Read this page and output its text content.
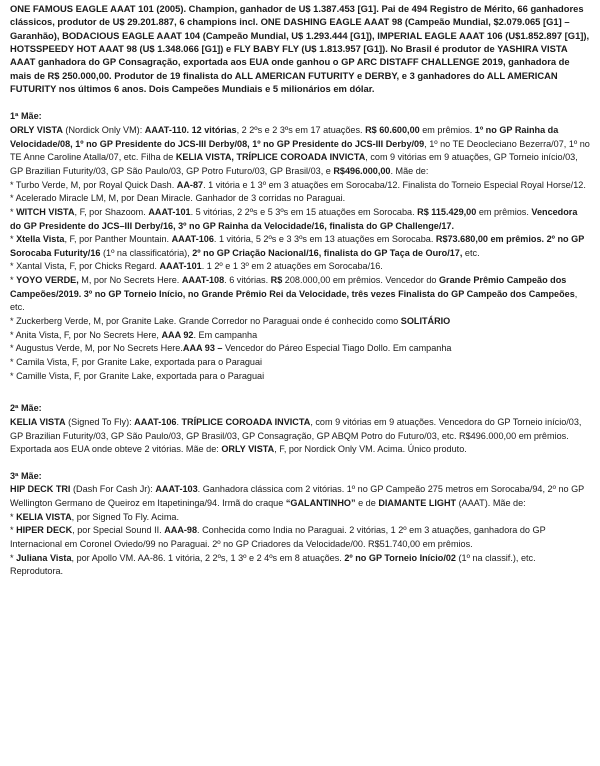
ONE FAMOUS EAGLE AAAT 101 (2005). Champion, ganhador de U$ 1.387.453 [G1]. Pai de 494 Registro de Mérito, 66 ganhadores clássicos, produtor de U$ 29.201.887, 6 champions incl. ONE DASHING EAGLE AAAT 98 (Campeão Mundial, $2.079.065 [G1] – Garanhão), BODACIOUS EAGLE AAAT 104 (Campeão Mundial, U$ 1.293.444 [G1]), IMPERIAL EAGLE AAAT 106 (U$1.852.897 [G1]), HOTSSPEEDY HOT AAAT 98 (U$ 1.348.066 [G1]) e FLY BABY FLY (U$ 1.813.957 [G1]). No Brasil é produtor de YASHIRA VISTA AAAT ganhadora do GP Consagração, exportada aos EUA onde ganhou o GP ARC DISTAFF CHALLENGE 2019, ganhadora de mais de R$ 250.000,00. Produtor de 19 finalista do ALL AMERICAN FUTURITY e DERBY, e 3 ganhadores do ALL AMERICAN FUTURITY nos últimos 6 anos. Dois Campeões Mundiais e 5 milionários em dólar.

1ª Mãe:

ORLY VISTA (Nordick Only VM): AAAT-110. 12 vitórias, 2 2ºs e 2 3ºs em 17 atuações. R$ 60.600,00 em prêmios. 1º no GP Rainha da Velocidade/08, 1º no GP Presidente do JCS-III Derby/08, 1º no GP Presidente do JCS-III Derby/09, 1º no TE Deocleciano Bezerra/07, 1º no TE Anne Caroline Atalla/07, etc. Filha de KELIA VISTA, TRÍPLICE COROADA INVICTA, com 9 vitórias em 9 atuações, GP Torneio início/03, GP Brazilian Futurity/03, GP São Paulo/03, GP Potro Futuro/03, GP Brasil/03, e R$496.000,00. Mãe de:

* Turbo Verde, M, por Royal Quick Dash. AA-87. 1 vitória e 1 3º em 3 atuações em Sorocaba/12. Finalista do Torneio Especial Royal Horse/12.

* Acelerado Miracle LM, M, por Dean Miracle. Ganhador de 3 corridas no Paraguai.

* WITCH VISTA, F, por Shazoom. AAAT-101. 5 vitórias, 2 2ºs e 5 3ºs em 15 atuações em Sorocaba. R$ 115.429,00 em prêmios. Vencedora do GP Presidente do JCS–III Derby/16, 3º no GP Rainha da Velocidade/16, finalista do GP Challenge/17.

* Xtella Vista, F, por Panther Mountain. AAAT-106. 1 vitória, 5 2ºs e 3 3ºs em 13 atuações em Sorocaba. R$73.680,00 em prêmios. 2º no GP Sorocaba Futurity/16 (1º na classificatória), 2º no GP Criação Nacional/16, finalista do GP Taça de Ouro/17, etc.

* Xantal Vista, F, por Chicks Regard. AAAT-101. 1 2º e 1 3º em 2 atuações em Sorocaba/16.

* YOYO VERDE, M, por No Secrets Here. AAAT-108. 6 vitórias. R$ 208.000,00 em prêmios. Vencedor do Grande Prêmio Campeão dos Campeões/2019. 3º no GP Torneio Início, no Grande Prêmio Rei da Velocidade, três vezes Finalista do GP Campeão dos Campeões, etc.

* Zuckerberg Verde, M, por Granite Lake. Grande Corredor no Paraguai onde é conhecido como SOLITÁRIO

* Anita Vista, F, por No Secrets Here, AAA 92. Em campanha

* Augustus Verde, M, por No Secrets Here.AAA 93 – Vencedor do Páreo Especial Tiago Dollo. Em campanha

* Camila Vista, F, por Granite Lake, exportada para o Paraguai

* Camille Vista, F, por Granite Lake, exportada para o Paraguai

2ª Mãe:

KELIA VISTA (Signed To Fly): AAAT-106. TRÍPLICE COROADA INVICTA, com 9 vitórias em 9 atuações. Vencedora do GP Torneio início/03, GP Brazilian Futurity/03, GP São Paulo/03, GP Brasil/03, GP Consagração, GP ABQM Potro do Futuro/03, etc. R$496.000,00 em prêmios. Exportada aos EUA onde obteve 2 vitórias. Mãe de: ORLY VISTA, F, por Nordick Only VM. Acima. Único produto.

3ª Mãe:

HIP DECK TRI (Dash For Cash Jr): AAAT-103. Ganhadora clássica com 2 vitórias. 1º no GP Campeão 275 metros em Sorocaba/94, 2º no GP Wellington Germano de Queiroz em Itapetininga/94. Irmã do craque “GALANTINHO” e de DIAMANTE LIGHT (AAAT). Mãe de:

* KELIA VISTA, por Signed To Fly. Acima.

* HIPER DECK, por Special Sound II. AAA-98. Conhecida como India no Paraguai. 2 vitórias, 1 2º em 3 atuações, ganhadora do GP Internacional em Coronel Oviedo/99 no Paraguai. 2º no GP Criadores da Velocidade/00. R$51.740,00 em prêmios.

* Juliana Vista, por Apollo VM. AA-86. 1 vitória, 2 2ºs, 1 3º e 2 4ºs em 8 atuações. 2º no GP Torneio Início/02 (1º na classif.), etc. Reprodutora.
